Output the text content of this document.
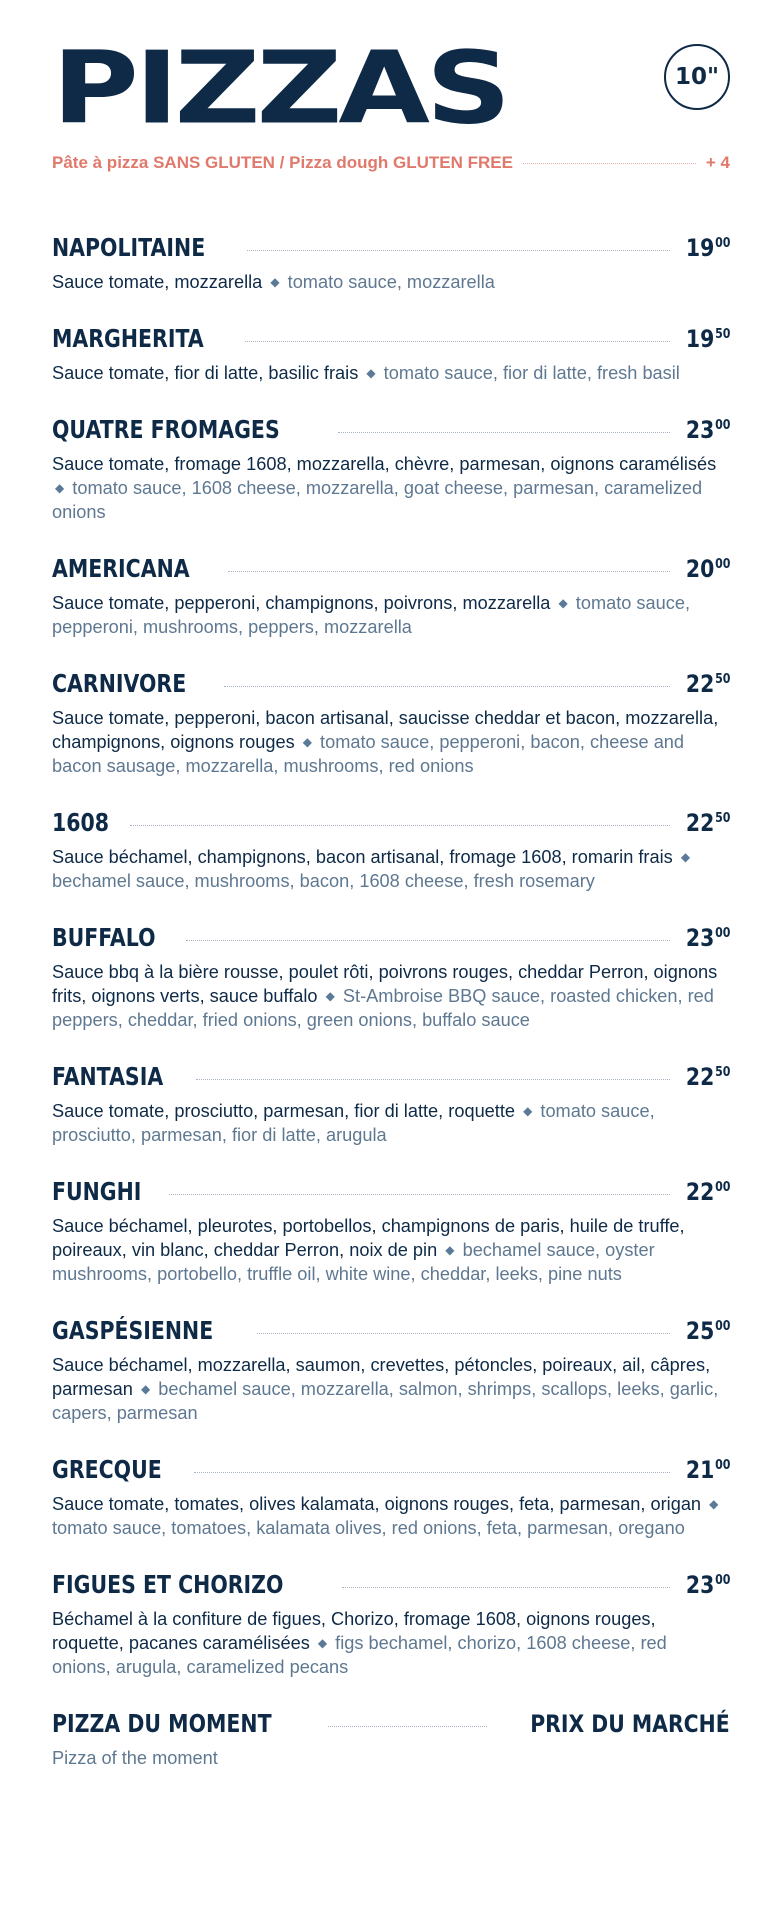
PIZZAS	10"
Pâte à pizza SANS GLUTEN / Pizza dough GLUTEN FREE	+ 4
NAPOLITAINE	$19^{00}$
Sauce tomate, mozzarella ◆ tomato sauce, mozzarella
MARGHERITA	$19^{50}$
Sauce tomate, fior di latte, basilic frais ◆ tomato sauce, fior di latte, fresh basil
QUATRE FROMAGES	$23^{00}$
Sauce tomate, fromage 1608, mozzarella, chèvre, parmesan, oignons caramélisés ◆ tomato sauce, 1608 cheese, mozzarella, goat cheese, parmesan, caramelized onions
AMERICANA	$20^{00}$
Sauce tomate, pepperoni, champignons, poivrons, mozzarella ◆ tomato sauce, pepperoni, mushrooms, peppers, mozzarella
CARNIVORE	$22^{50}$
Sauce tomate, pepperoni, bacon artisanal, saucisse cheddar et bacon, mozzarella, champignons, oignons rouges ◆ tomato sauce, pepperoni, bacon, cheese and bacon sausage, mozzarella, mushrooms, red onions
1608	$22^{50}$
Sauce béchamel, champignons, bacon artisanal, fromage 1608, romarin frais ◆ bechamel sauce, mushrooms, bacon, 1608 cheese, fresh rosemary
BUFFALO	$23^{00}$
Sauce bbq à la bière rousse, poulet rôti, poivrons rouges, cheddar Perron, oignons frits, oignons verts, sauce buffalo ◆ St-Ambroise BBQ sauce, roasted chicken, red peppers, cheddar, fried onions, green onions, buffalo sauce
FANTASIA	$22^{50}$
Sauce tomate, prosciutto, parmesan, fior di latte, roquette ◆ tomato sauce, prosciutto, parmesan, fior di latte, arugula
FUNGHI	$22^{00}$
Sauce béchamel, pleurotes, portobellos, champignons de paris, huile de truffe, poireaux, vin blanc, cheddar Perron, noix de pin ◆ bechamel sauce, oyster mushrooms, portobello, truffle oil, white wine, cheddar, leeks, pine nuts
GASPÉSIENNE	$25^{00}$
Sauce béchamel, mozzarella, saumon, crevettes, pétoncles, poireaux, ail, câpres, parmesan ◆ bechamel sauce, mozzarella, salmon, shrimps, scallops, leeks, garlic, capers, parmesan
GRECQUE	$21^{00}$
Sauce tomate, tomates, olives kalamata, oignons rouges, feta, parmesan, origan ◆ tomato sauce, tomatoes, kalamata olives, red onions, feta, parmesan, oregano
FIGUES ET CHORIZO	$23^{00}$
Béchamel à la confiture de figues, Chorizo, fromage 1608, oignons rouges, roquette, pacanes caramélisées ◆ figs bechamel, chorizo, 1608 cheese, red onions, arugula, caramelized pecans
PIZZA DU MOMENT	PRIX DU MARCHÉ
Pizza of the moment
